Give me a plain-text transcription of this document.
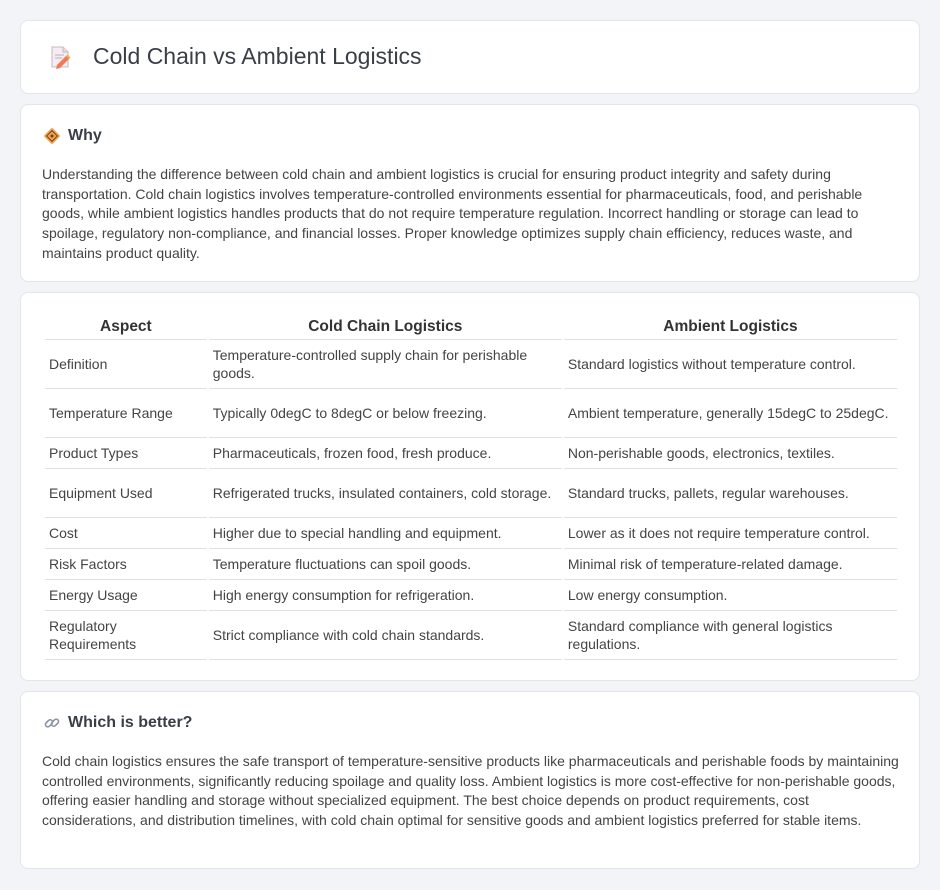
Cold Chain vs Ambient Logistics
Why

Understanding the difference between cold chain and ambient logistics is crucial for ensuring product integrity and safety during transportation. Cold chain logistics involves temperature-controlled environments essential for pharmaceuticals, food, and perishable goods, while ambient logistics handles products that do not require temperature regulation. Incorrect handling or storage can lead to spoilage, regulatory non-compliance, and financial losses. Proper knowledge optimizes supply chain efficiency, reduces waste, and maintains product quality.

Aspect	Cold Chain Logistics	Ambient Logistics
Definition	Temperature-controlled supply chain for perishable goods.	Standard logistics without temperature control.
Temperature Range	Typically 0degC to 8degC or below freezing.	Ambient temperature, generally 15degC to 25degC.
Product Types	Pharmaceuticals, frozen food, fresh produce.	Non-perishable goods, electronics, textiles.
Equipment Used	Refrigerated trucks, insulated containers, cold storage.	Standard trucks, pallets, regular warehouses.
Cost	Higher due to special handling and equipment.	Lower as it does not require temperature control.
Risk Factors	Temperature fluctuations can spoil goods.	Minimal risk of temperature-related damage.
Energy Usage	High energy consumption for refrigeration.	Low energy consumption.
Regulatory Requirements	Strict compliance with cold chain standards.	Standard compliance with general logistics regulations.
Which is better?

Cold chain logistics ensures the safe transport of temperature-sensitive products like pharmaceuticals and perishable foods by maintaining controlled environments, significantly reducing spoilage and quality loss. Ambient logistics is more cost-effective for non-perishable goods, offering easier handling and storage without specialized equipment. The best choice depends on product requirements, cost considerations, and distribution timelines, with cold chain optimal for sensitive goods and ambient logistics preferred for stable items.
